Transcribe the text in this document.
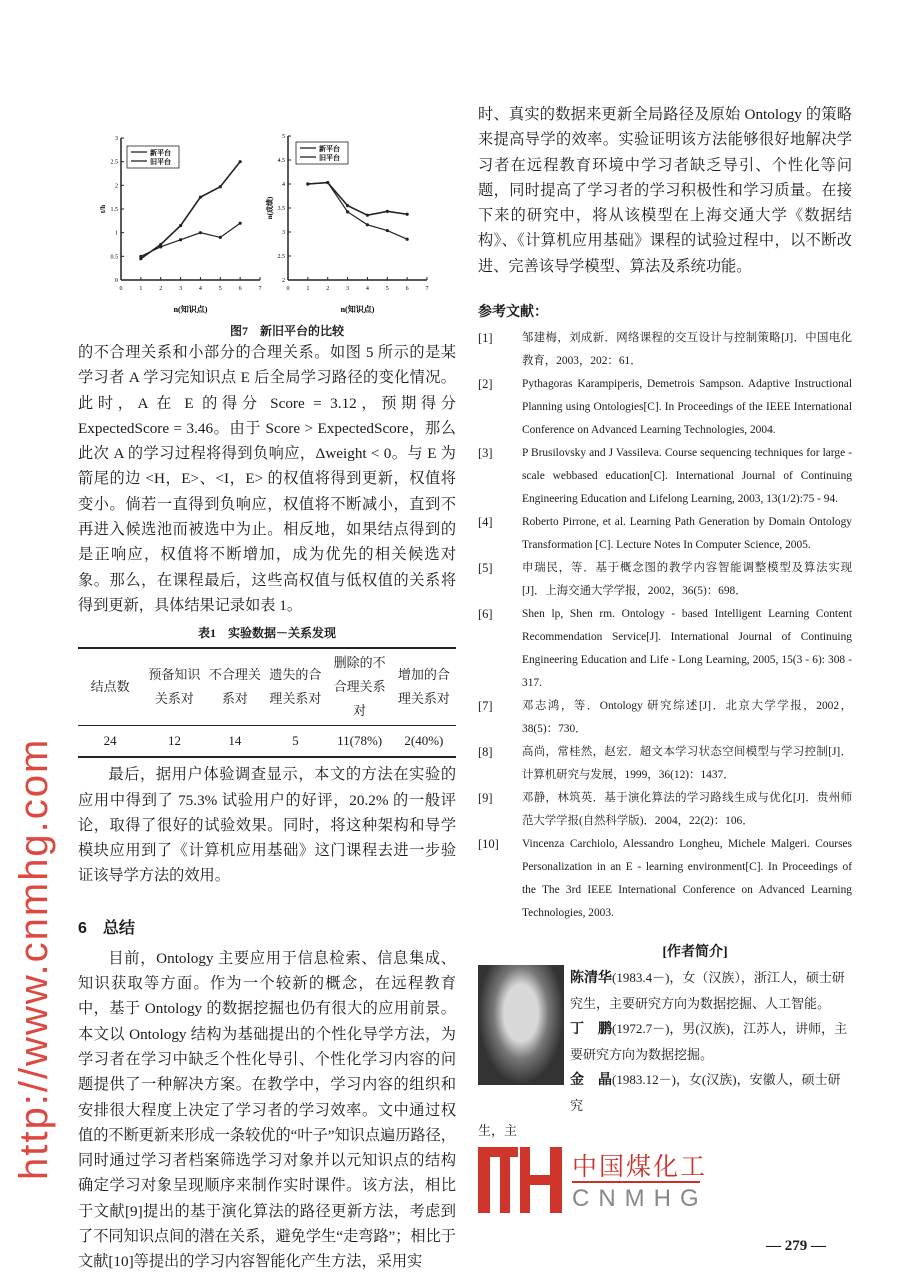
0	1	2	3	4	5	6	7
0
0.5
1
1.5
2
2.5
3
n(知识点)
t/h
新平台
旧平台
0	1	2	3	4	5	6	7
2
2.5
3
3.5
4
4.5
5
n(知识点)
n(成绩)
新平台
旧平台
图7　新旧平台的比较

的不合理关系和小部分的合理关系。如图 5 所示的是某学习者 A 学习完知识点 E 后全局学习路径的变化情况。此时，A 在 E 的得分 Score = 3.12，预期得分 ExpectedScore = 3.46。由于 Score > ExpectedScore，那么此次 A 的学习过程将得到负响应，Δweight < 0。与 E 为箭尾的边 <H，E>、<I，E> 的权值将得到更新，权值将变小。倘若一直得到负响应，权值将不断减小，直到不再进入候选池而被选中为止。相反地，如果结点得到的是正响应，权值将不断增加，成为优先的相关候选对象。那么，在课程最后，这些高权值与低权值的关系将得到更新，具体结果记录如表 1。

表1　实验数据－关系发现
结点数	预备知识关系对	不合理关系对	遗失的合理关系对	删除的不合理关系对	增加的合理关系对
24	12	14	5	11(78%)	2(40%)

最后，据用户体验调查显示，本文的方法在实验的应用中得到了 75.3% 试验用户的好评，20.2% 的一般评论，取得了很好的试验效果。同时，将这种架构和导学模块应用到了《计算机应用基础》这门课程去进一步验证该导学方法的效用。

6　总结

目前，Ontology 主要应用于信息检索、信息集成、知识获取等方面。作为一个较新的概念，在远程教育中，基于 Ontology 的数据挖掘也仍有很大的应用前景。本文以 Ontology 结构为基础提出的个性化导学方法，为学习者在学习中缺乏个性化导引、个性化学习内容的问题提供了一种解决方案。在教学中，学习内容的组织和安排很大程度上决定了学习者的学习效率。文中通过权值的不断更新来形成一条较优的“叶子”知识点遍历路径，同时通过学习者档案筛选学习对象并以元知识点的结构确定学习对象呈现顺序来制作实时课件。该方法，相比于文献[9]提出的基于演化算法的路径更新方法，考虑到了不同知识点间的潜在关系，避免学生“走弯路”；相比于文献[10]等提出的学习内容智能化产生方法，采用实

时、真实的数据来更新全局路径及原始 Ontology 的策略来提高导学的效率。实验证明该方法能够很好地解决学习者在远程教育环境中学习者缺乏导引、个性化等问题，同时提高了学习者的学习积极性和学习质量。在接下来的研究中，将从该模型在上海交通大学《数据结构》、《计算机应用基础》课程的试验过程中，以不断改进、完善该导学模型、算法及系统功能。

参考文献：
[1]	邹建梅，刘成新．网络课程的交互设计与控制策略[J]．中国电化教育，2003，202：61．
[2]	Pythagoras Karampiperis, Demetrois Sampson. Adaptive Instructional Planning using Ontologies[C]. In Proceedings of the IEEE International Conference on Advanced Learning Technologies, 2004.
[3]	P Brusilovsky and J Vassileva. Course sequencing techniques for large - scale webbased education[C]. International Journal of Continuing Engineering Education and Lifelong Learning, 2003, 13(1/2):75 - 94.
[4]	Roberto Pirrone, et al. Learning Path Generation by Domain Ontology Transformation [C]. Lecture Notes In Computer Science, 2005.
[5]	申瑞民，等．基于概念图的教学内容智能调整模型及算法实现[J]．上海交通大学学报，2002，36(5)：698．
[6]	Shen lp, Shen rm. Ontology - based Intelligent Learning Content Recommendation Service[J]. International Journal of Continuing Engineering Education and Life - Long Learning, 2005, 15(3 - 6): 308 - 317.
[7]	邓志鸿，等．Ontology 研究综述[J]．北京大学学报，2002，38(5)：730．
[8]	高尚，常桂然，赵宏．超文本学习状态空间模型与学习控制[J]．计算机研究与发展，1999，36(12)：1437．
[9]	邓静，林筑英．基于演化算法的学习路线生成与优化[J]．贵州师范大学学报(自然科学版)．2004，22(2)：106．
[10]	Vincenza Carchiolo, Alessandro Longheu, Michele Malgeri. Courses Personalization in an E - learning environment[C]. In Proceedings of the The 3rd IEEE International Conference on Advanced Learning Technologies, 2003.
[作者简介]
陈清华(1983.4－)，女（汉族），浙江人，硕士研究生，主要研究方向为数据挖掘、人工智能。
丁　鹏(1972.7－)，男(汉族)，江苏人，讲师，主要研究方向为数据挖掘。
金　晶(1983.12－)，女(汉族)，安徽人，硕士研究
生，主
中国煤化工
CNMHG
http://www.cnmhg.com
— 279 —
